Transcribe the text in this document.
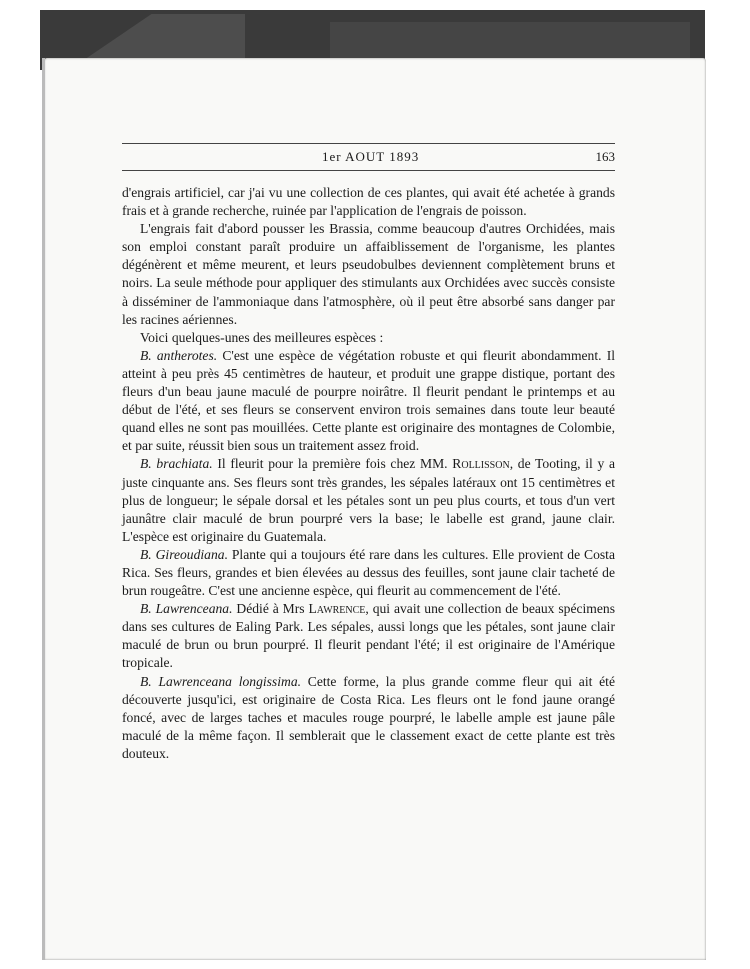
1er AOUT 1893	163

d'engrais artificiel, car j'ai vu une collection de ces plantes, qui avait été achetée à grands frais et à grande recherche, ruinée par l'application de l'engrais de poisson.

L'engrais fait d'abord pousser les Brassia, comme beaucoup d'autres Orchidées, mais son emploi constant paraît produire un affaiblissement de l'organisme, les plantes dégénèrent et même meurent, et leurs pseudobulbes deviennent complètement bruns et noirs. La seule méthode pour appliquer des stimulants aux Orchidées avec succès consiste à disséminer de l'ammoniaque dans l'atmosphère, où il peut être absorbé sans danger par les racines aériennes.

Voici quelques-unes des meilleures espèces :

B. antherotes. C'est une espèce de végétation robuste et qui fleurit abondamment. Il atteint à peu près 45 centimètres de hauteur, et produit une grappe distique, portant des fleurs d'un beau jaune maculé de pourpre noirâtre. Il fleurit pendant le printemps et au début de l'été, et ses fleurs se conservent environ trois semaines dans toute leur beauté quand elles ne sont pas mouillées. Cette plante est originaire des montagnes de Colombie, et par suite, réussit bien sous un traitement assez froid.

B. brachiata. Il fleurit pour la première fois chez MM. Rollisson, de Tooting, il y a juste cinquante ans. Ses fleurs sont très grandes, les sépales latéraux ont 15 centimètres et plus de longueur; le sépale dorsal et les pétales sont un peu plus courts, et tous d'un vert jaunâtre clair maculé de brun pourpré vers la base; le labelle est grand, jaune clair. L'espèce est originaire du Guatemala.

B. Gireoudiana. Plante qui a toujours été rare dans les cultures. Elle provient de Costa Rica. Ses fleurs, grandes et bien élevées au dessus des feuilles, sont jaune clair tacheté de brun rougeâtre. C'est une ancienne espèce, qui fleurit au commencement de l'été.

B. Lawrenceana. Dédié à Mrs Lawrence, qui avait une collection de beaux spécimens dans ses cultures de Ealing Park. Les sépales, aussi longs que les pétales, sont jaune clair maculé de brun ou brun pourpré. Il fleurit pendant l'été; il est originaire de l'Amérique tropicale.

B. Lawrenceana longissima. Cette forme, la plus grande comme fleur qui ait été découverte jusqu'ici, est originaire de Costa Rica. Les fleurs ont le fond jaune orangé foncé, avec de larges taches et macules rouge pourpré, le labelle ample est jaune pâle maculé de la même façon. Il semblerait que le classement exact de cette plante est très douteux.
